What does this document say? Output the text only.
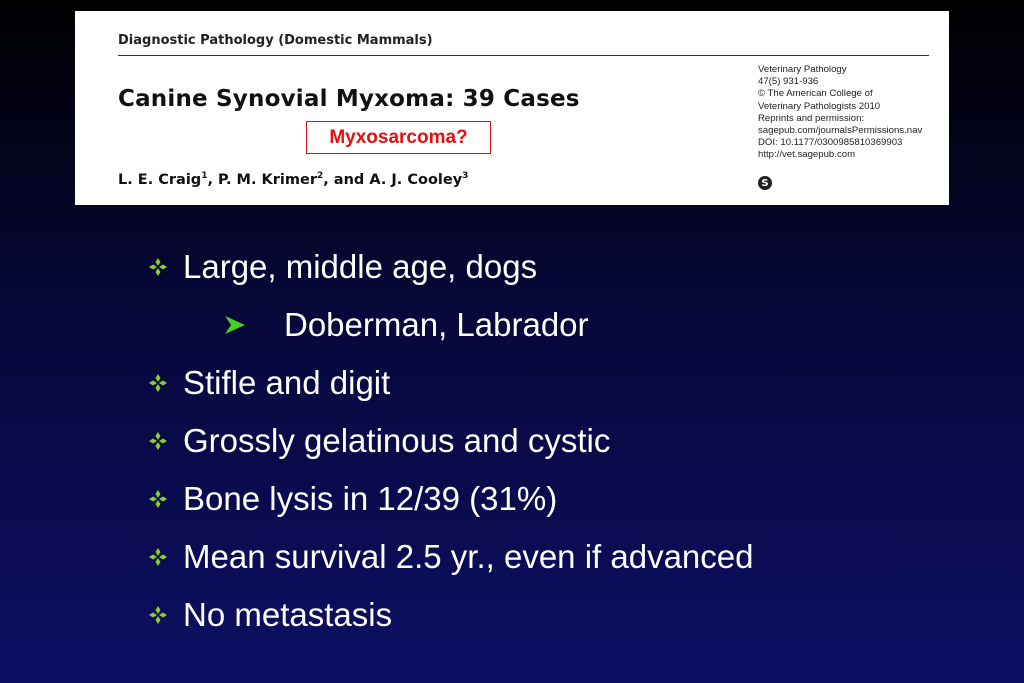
Diagnostic Pathology (Domestic Mammals)
Canine Synovial Myxoma: 39 Cases
Myxosarcoma?
L. E. Craig$^1$, P. M. Krimer$^2$, and A. J. Cooley$^3$
Veterinary Pathology
47(5) 931-936
© The American College of
Veterinary Pathologists 2010
Reprints and permission:
sagepub.com/journalsPermissions.nav
DOI: 10.1177/0300985810369903
http://vet.sagepub.com
S
Large, middle age, dogs
Doberman, Labrador
Stifle and digit
Grossly gelatinous and cystic
Bone lysis in 12/39 (31%)
Mean survival 2.5 yr., even if advanced
No metastasis
